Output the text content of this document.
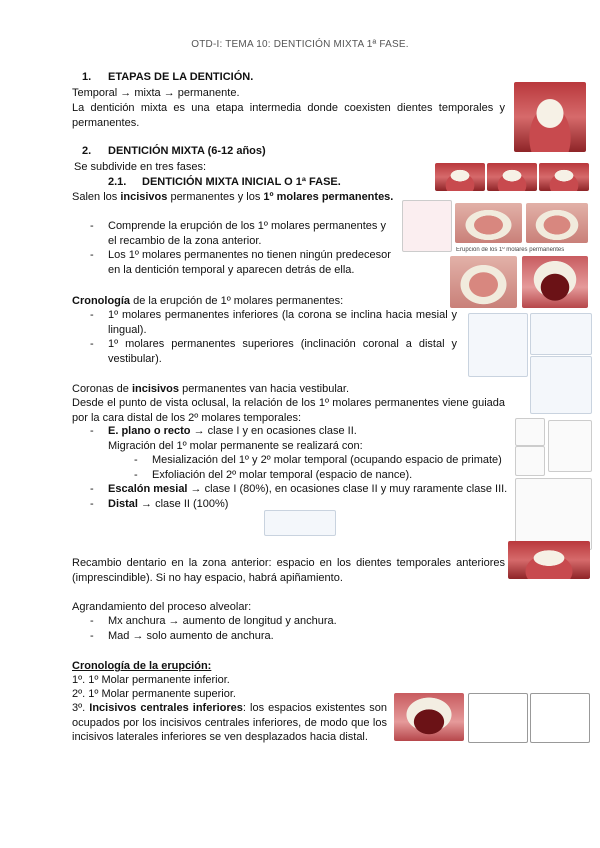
OTD-I: TEMA 10: DENTICIÓN MIXTA 1ª FASE.
1. ETAPAS DE LA DENTICIÓN.
Temporal → mixta → permanente.
La dentición mixta es una etapa intermedia donde coexisten dientes temporales y permanentes.
2. DENTICIÓN MIXTA (6-12 años)
Se subdivide en tres fases:
2.1. DENTICIÓN MIXTA INICIAL O 1ª FASE.
Salen los incisivos permanentes y los 1º molares permanentes.
- Comprende la erupción de los 1º molares permanentes y el recambio de la zona anterior.
- Los 1º molares permanentes no tienen ningún predecesor en la dentición temporal y aparecen detrás de ella.
Erupción de los 1º molares permanentes
Cronología de la erupción de 1º molares permanentes:
- 1º molares permanentes inferiores (la corona se inclina hacia mesial y lingual).
- 1º molares permanentes superiores (inclinación coronal a distal y vestibular).
Coronas de incisivos permanentes van hacia vestibular.
Desde el punto de vista oclusal, la relación de los 1º molares permanentes viene guiada por la cara distal de los 2º molares temporales:
- E. plano o recto → clase I y en ocasiones clase II.
Migración del 1º molar permanente se realizará con:
- Mesialización del 1º y 2º molar temporal (ocupando espacio de primate)
- Exfoliación del 2º molar temporal (espacio de nance).
- Escalón mesial → clase I (80%), en ocasiones clase II y muy raramente clase III.
- Distal → clase II (100%)
Recambio dentario en la zona anterior: espacio en los dientes temporales anteriores (imprescindible). Si no hay espacio, habrá apiñamiento.
Agrandamiento del proceso alveolar:
- Mx anchura → aumento de longitud y anchura.
- Mad → solo aumento de anchura.
Cronología de la erupción:
1º. 1º Molar permanente inferior.
2º. 1º Molar permanente superior.
3º. Incisivos centrales inferiores: los espacios existentes son ocupados por los incisivos centrales inferiores, de modo que los incisivos laterales inferiores se ven desplazados hacia distal.
